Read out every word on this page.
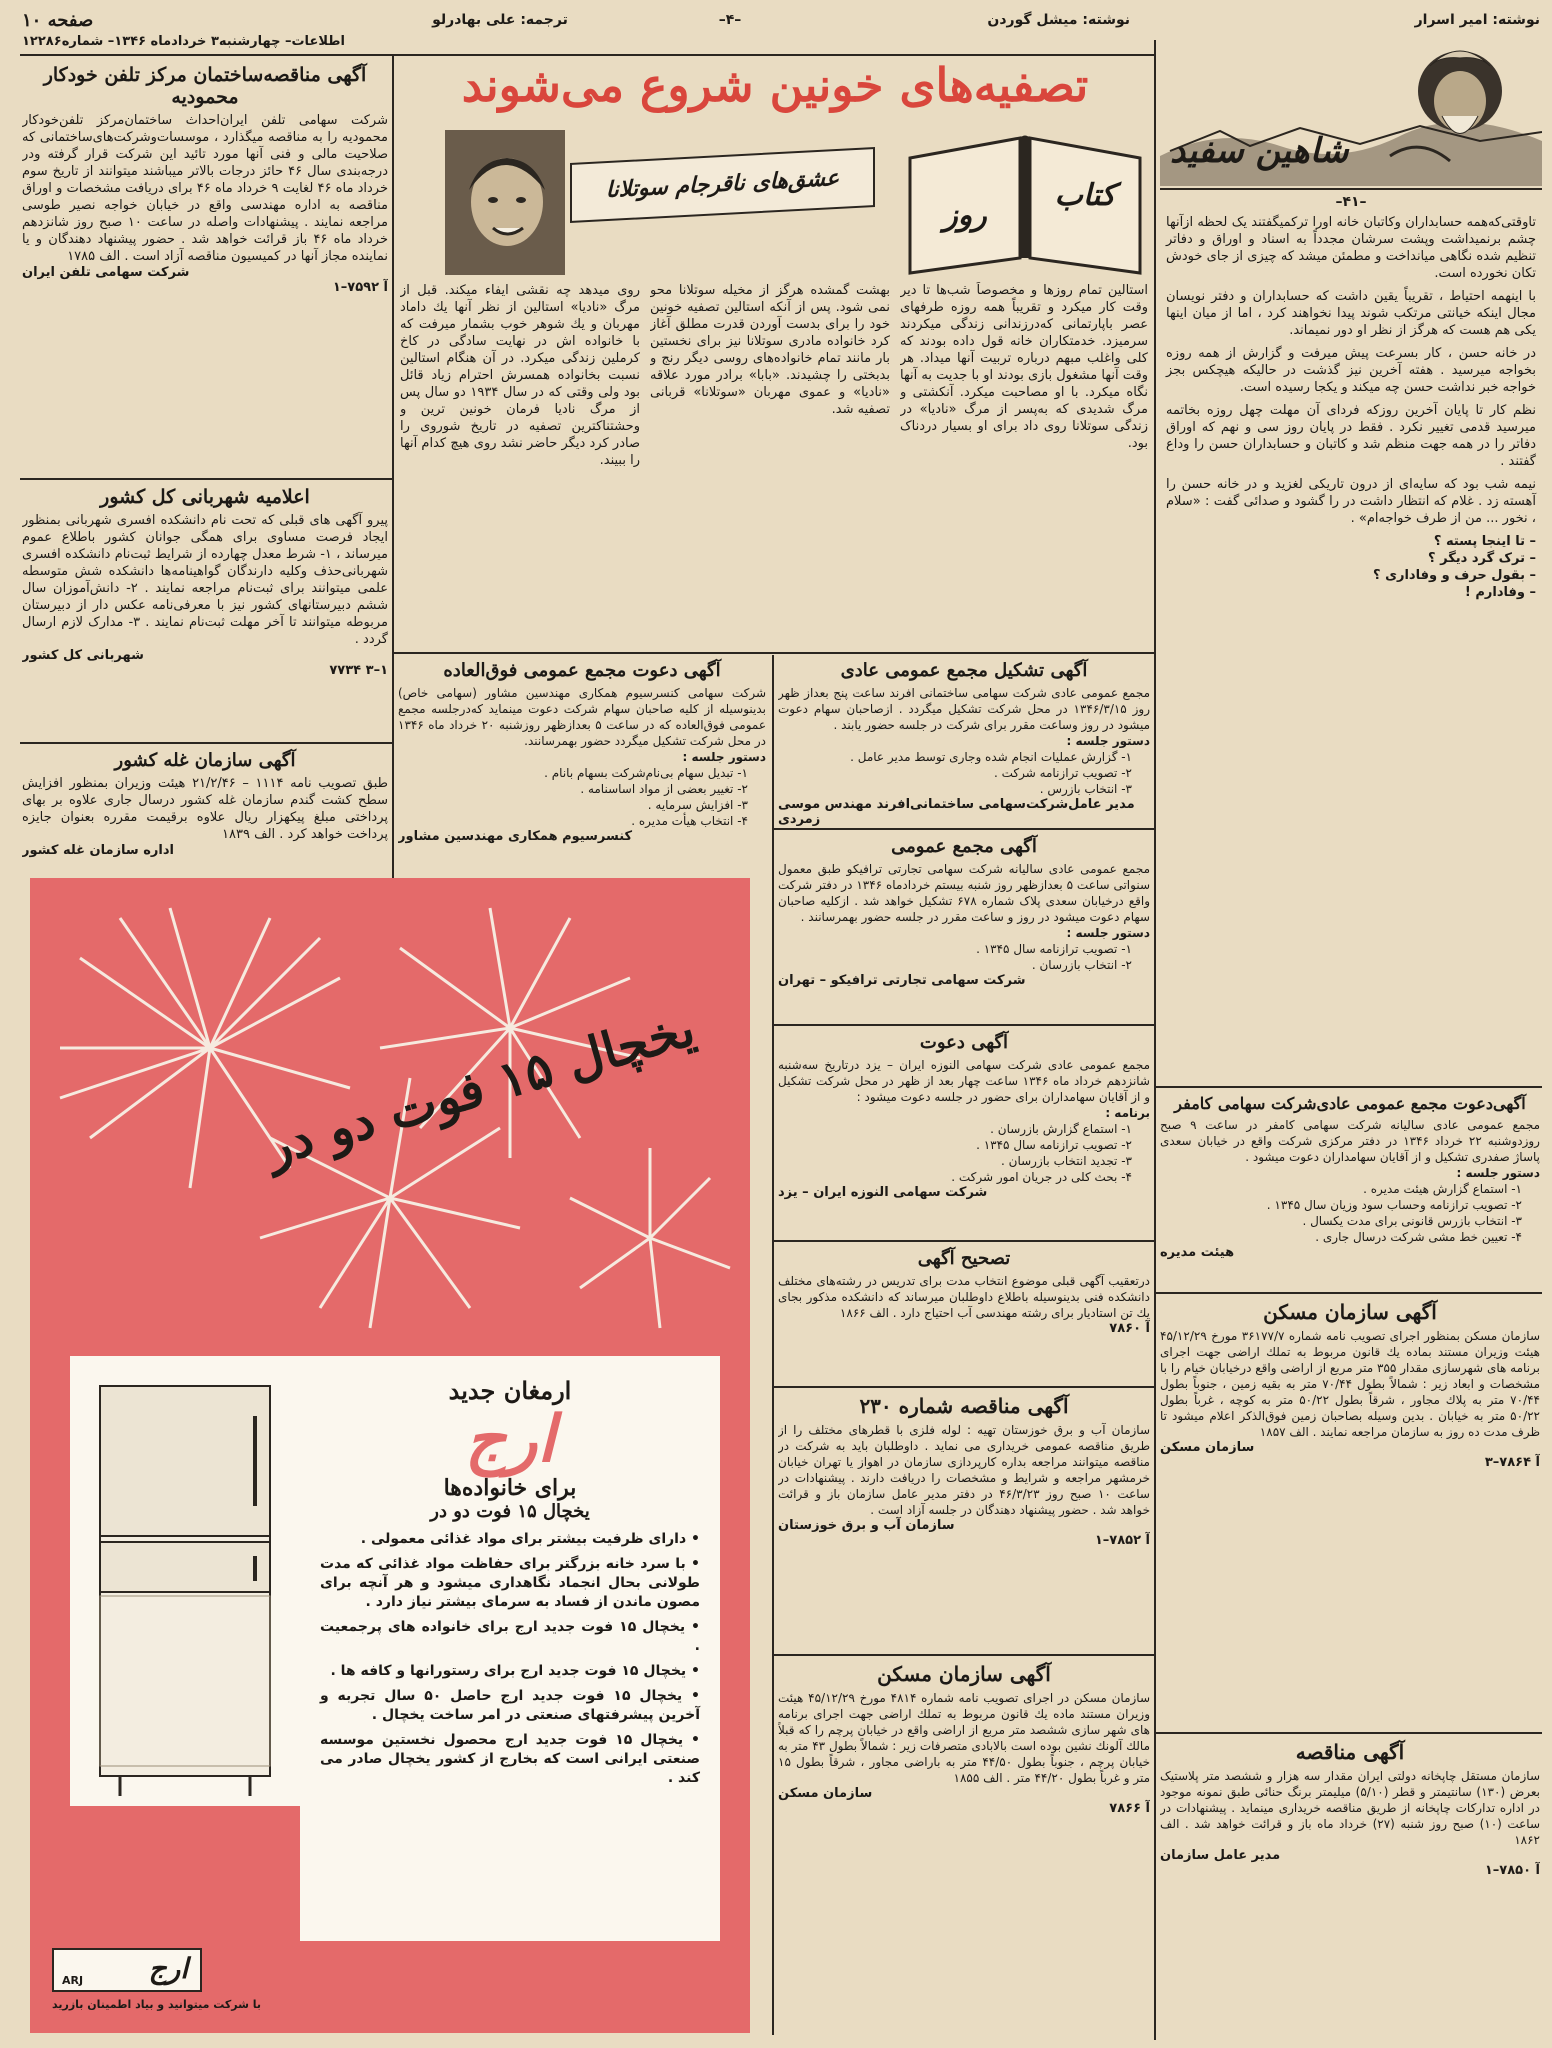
صفحه ۱۰
اطلاعات– چهارشنبه۳ خردادماه ۱۳۴۶– شماره۱۲۲۸۶
ترجمه: علی بهادرلو	–۴–	نوشته: میشل گوردن	نوشته: امیر اسرار
شاهین سفید
–۴۱–

تاوقتی‌که‌همه حسابداران وکاتبان خانه اورا ترکمیگفتند یک لحظه ازآنها چشم برنمیداشت وپشت سرشان مجدداً به اسناد و اوراق و دفاتر تنظیم شده نگاهی میانداخت و مطمئن میشد که چیزی از جای خودش تکان نخورده است.

با اینهمه احتیاط ، تقریباً یقین داشت که حسابداران و دفتر نویسان مجال اینکه خیانتی مرتکب شوند پیدا نخواهند کرد ، اما از میان اینها یکی هم هست که هرگز از نظر او دور نمیماند.

در خانه حسن ، کار بسرعت پیش میرفت و گزارش از همه روزه بخواجه میرسید . هفته آخرین نیز گذشت در حالیکه هیچکس بجز خواجه خبر نداشت حسن چه میکند و یکجا رسیده است.

نظم کار تا پایان آخرین روزکه فردای آن مهلت چهل روزه بخاتمه میرسید قدمی تغییر نکرد . فقط در پایان روز سی و نهم که اوراق دفاتر را در همه جهت منظم شد و کاتبان و حسابداران حسن را وداع گفتند .

نیمه شب بود که سایه‌ای از درون تاریکی لغزید و در خانه حسن را آهسته زد . غلام که انتظار داشت در را گشود و صدائی گفت : «سلام ، نخور ... من از طرف خواجه‌ام» .

– تا اینجا پسته ؟

– ترک گرد دیگر ؟

– بقول حرف و وفاداری ؟

– وفادارم !

تصفیه‌های خونین شروع می‌شوند
کتاب
روز
عشق‌های ناقرجام سوتلانا
استالین تمام روزها و مخصوصاً شب‌ها تا دیر وقت کار میکرد و تقریباً همه روزه طرفهای عصر باپارتمانی که‌درزندانی زندگی میکردند سرمیزد. خدمتکاران خانه قول داده بودند که کلی واغلب مبهم درباره تربیت آنها میداد. هر وقت آنها مشغول بازی بودند او با جدیت به آنها نگاه میکرد. با او مصاحبت میکرد. آنکشتی و مرگ شدیدی که به‌پسر از مرگ «نادیا» در زندگی سوتلانا روی داد برای او بسیار دردناک بود.
بهشت گمشده هرگز از مخیله سوتلانا محو نمی شود. پس از آنکه استالین تصفیه خونین خود را برای بدست آوردن قدرت مطلق آغاز کرد خانواده مادری سوتلانا نیز برای نخستین بار مانند تمام خانواده‌های روسی دیگر رنج و بدبختی را چشیدند. «بابا» برادر مورد علاقه «نادیا» و عموی مهربان «سوتلانا» قربانی تصفیه شد.
روی میدهد چه نقشی ایفاء میکند. قبل از مرگ «نادیا» استالین از نظر آنها یك داماد مهربان و یك شوهر خوب بشمار میرفت که با خانواده اش در نهایت سادگی در کاخ کرملین زندگی میکرد. در آن هنگام استالین نسبت بخانواده همسرش احترام زیاد قائل بود ولی وقتی که در سال ۱۹۳۴ دو سال پس از مرگ نادیا فرمان خونین ترین و وحشتناکترین تصفیه در تاریخ شوروی را صادر کرد دیگر حاضر نشد روی هیچ کدام آنها را ببیند.
آگهی مناقصه‌ساختمان مرکز تلفن خودکار محمودیه
شرکت سهامی تلفن ایران‌احداث ساختمان‌مرکز تلفن‌خودکار محمودیه را به مناقصه میگذارد ، موسسات‌وشرکت‌های‌ساختمانی که صلاحیت مالی و فنی آنها مورد تائید این شرکت قرار گرفته ودر درجه‌بندی سال ۴۶ حائز درجات بالاتر میباشند میتوانند از تاریخ سوم خرداد ماه ۴۶ لغایت ۹ خرداد ماه ۴۶ برای دریافت مشخصات و اوراق مناقصه به اداره مهندسی واقع در خیابان خواجه نصیر طوسی مراجعه نمایند . پیشنهادات واصله در ساعت ۱۰ صبح روز شانزدهم خرداد ماه ۴۶ باز قرائت خواهد شد . حضور پیشنهاد دهندگان و یا نماینده مجاز آنها در کمیسیون مناقصه آزاد است . الف ۱۷۸۵
شرکت سهامی تلفن ایران
آ ۷۵۹۲–۱
اعلامیه شهربانی کل کشور
پیرو آگهی های قبلی که تحت نام دانشکده افسری شهربانی بمنظور ایجاد فرصت مساوی برای همگی جوانان کشور باطلاع عموم میرساند ، ۱- شرط معدل چهارده از شرایط ثبت‌نام دانشکده افسری شهربانی‌حذف وکلیه دارندگان گواهینامه‌ها دانشکده شش متوسطه علمی میتوانند برای ثبت‌نام مراجعه نمایند . ۲- دانش‌آموزان سال ششم دبیرستانهای کشور نیز با معرفی‌نامه عکس دار از دبیرستان مربوطه میتوانند تا آخر مهلت ثبت‌نام نمایند . ۳- مدارک لازم ارسال گردد .
شهربانی کل کشور
۱–۳ ۷۷۳۴
آگهی سازمان غله کشور
طبق تصویب نامه ۱۱۱۴ – ۲۱/۲/۴۶ هیئت وزیران بمنظور افزایش سطح کشت گندم سازمان غله کشور درسال جاری علاوه بر بهای پرداختی مبلغ پیکهزار ریال علاوه برقیمت مقرره بعنوان جایزه پرداخت خواهد کرد . الف ۱۸۳۹
اداره سازمان غله کشور
آگهی دعوت مجمع عمومی فوق‌العاده
شرکت سهامی کنسرسیوم همکاری مهندسین مشاور (سهامی خاص) بدینوسیله از کلیه صاحبان سهام شرکت دعوت مینماید که‌درجلسه مجمع عمومی فوق‌العاده که در ساعت ۵ بعدازظهر روزشنبه ۲۰ خرداد ماه ۱۳۴۶ در محل شرکت تشکیل میگردد حضور بهمرسانند.
دستور جلسه :
۱- تبدیل سهام بی‌نام‌شرکت بسهام بانام .
۲- تغییر بعضی از مواد اساسنامه .
۳- افزایش سرمایه .
۴- انتخاب هیأت مدیره .
کنسرسیوم همکاری مهندسین مشاور
آگهی تشکیل مجمع عمومی عادی
مجمع عمومی عادی شرکت سهامی ساختمانی افرند ساعت پنج بعداز ظهر روز ۱۳۴۶/۳/۱۵ در محل شرکت تشکیل میگردد . ازصاحبان سهام دعوت میشود در روز وساعت مقرر برای شرکت در جلسه حضور یابند .
دستور جلسه :
۱- گزارش عملیات انجام شده وجاری توسط مدیر عامل .
۲- تصویب ترازنامه شرکت .
۳- انتخاب بازرس .
مدیر عامل‌شرکت‌سهامی ساختمانی‌افرند مهندس موسی زمردی
آگهی مجمع عمومی
مجمع عمومی عادی سالیانه شرکت سهامی تجارتی ترافیکو طبق معمول سنواتی ساعت ۵ بعدازظهر روز شنبه بیستم خردادماه ۱۳۴۶ در دفتر شرکت واقع درخیابان سعدی پلاک شماره ۶۷۸ تشکیل خواهد شد . ازکلیه صاحبان سهام دعوت میشود در روز و ساعت مقرر در جلسه حضور بهمرسانند .
دستور جلسه :
۱- تصویب ترازنامه سال ۱۳۴۵ .
۲- انتخاب بازرسان .
شرکت سهامی تجارتی ترافیکو – تهران
آگهی دعوت
مجمع عمومی عادی شرکت سهامی النوزه ایران – یزد درتاریخ سه‌شنبه شانزدهم خرداد ماه ۱۳۴۶ ساعت چهار بعد از ظهر در محل شرکت تشکیل و از آقایان سهامداران برای حضور در جلسه دعوت میشود :
برنامه :
۱- استماع گزارش بازرسان .
۲- تصویب ترازنامه سال ۱۳۴۵ .
۳- تجدید انتخاب بازرسان .
۴- بحث کلی در جریان امور شرکت .
شرکت سهامی النوزه ایران – یزد
تصحیح آگهی
درتعقیب آگهی قبلی موضوع انتخاب مدت برای تدریس در رشته‌های مختلف دانشکده فنی بدینوسیله باطلاع داوطلبان میرساند که دانشکده مذکور بجای یك تن استادیار برای رشته مهندسی آب احتیاج دارد . الف ۱۸۶۶
آ ۷۸۶۰
آگهی مناقصه شماره ۲۳۰
سازمان آب و برق خوزستان تهیه : لوله فلزی با قطرهای مختلف را از طریق مناقصه عمومی خریداری می نماید . داوطلبان باید به شرکت در مناقصه میتوانند مراجعه بداره کارپردازی سازمان در اهواز یا تهران خیابان خرمشهر مراجعه و شرایط و مشخصات را دریافت دارند . پیشنهادات در ساعت ۱۰ صبح روز ۴۶/۳/۲۳ در دفتر مدیر عامل سازمان باز و قرائت خواهد شد . حضور پیشنهاد دهندگان در جلسه آزاد است .
سازمان آب و برق خوزستان
آ ۷۸۵۲–۱
آگهی سازمان مسکن
سازمان مسکن در اجرای تصویب نامه شماره ۴۸۱۴ مورخ ۴۵/۱۲/۲۹ هیئت وزیران مستند ماده یك قانون مربوط به تملك اراضی جهت اجرای برنامه های شهر سازی ششصد متر مربع از اراضی واقع در خیابان پرچم را که قبلاً مالك آلونك نشین بوده است بالابادی متصرفات زیر : شمالاً بطول ۴۳ متر به خیابان پرچم ، جنوباً بطول ۴۴/۵۰ متر به باراضی مجاور ، شرقاً بطول ۱۵ متر و غرباً بطول ۴۴/۲۰ متر . الف ۱۸۵۵
سازمان مسکن
آ ۷۸۶۶
آگهی‌دعوت مجمع عمومی عادی‌شرکت سهامی کامفر
مجمع عمومی عادی سالیانه شرکت سهامی کامفر در ساعت ۹ صبح روزدوشنبه ۲۲ خرداد ۱۳۴۶ در دفتر مرکزی شرکت واقع در خیابان سعدی پاساژ صفدری تشکیل و از آقایان سهامداران دعوت میشود .
دستور جلسه :
۱- استماع گزارش هیئت مدیره .
۲- تصویب ترازنامه وحساب سود وزیان سال ۱۳۴۵ .
۳- انتخاب بازرس قانونی برای مدت یکسال .
۴- تعیین خط مشی شرکت درسال جاری .
هیئت مدیره
آگهی سازمان مسکن
سازمان مسکن بمنظور اجرای تصویب نامه شماره ۳۶۱۷۷/۷ مورخ ۴۵/۱۲/۲۹ هیئت وزیران مستند بماده یك قانون مربوط به تملك اراضی جهت اجرای برنامه های شهرسازی مقدار ۳۵۵ متر مربع از اراضی واقع درخیابان خیام را با مشخصات و ابعاد زیر : شمالاً بطول ۷۰/۴۴ متر به بقیه زمین ، جنوباً بطول ۷۰/۴۴ متر به پلاك مجاور ، شرقاً بطول ۵۰/۲۲ متر به کوچه ، غرباً بطول ۵۰/۲۲ متر به خیابان . بدین وسیله بصاحبان زمین فوق‌الذکر اعلام میشود تا ظرف مدت ده روز به سازمان مراجعه نمایند . الف ۱۸۵۷
سازمان مسکن
آ ۷۸۶۴–۳
آگهی مناقصه
سازمان مستقل چاپخانه دولتی ایران مقدار سه هزار و ششصد متر پلاستیک بعرض (۱۳۰) سانتیمتر و قطر (۵/۱۰) میلیمتر برنگ حنائی طبق نمونه موجود در اداره تدارکات چاپخانه از طریق مناقصه خریداری مینماید . پیشنهادات در ساعت (۱۰) صبح روز شنبه (۲۷) خرداد ماه باز و قرائت خواهد شد . الف ۱۸۶۲
مدیر عامل سازمان
آ ۷۸۵۰–۱
یخچال ۱۵ فوت دو در
ارمغان جدید
ارج
برای خانواده‌ها
یخچال ۱۵ فوت دو در

• دارای ظرفیت بیشتر برای مواد غذائی معمولی .

• با سرد خانه بزرگتر برای حفاظت مواد غذائی که مدت طولانی بحال انجماد نگاهداری میشود و هر آنچه برای مصون ماندن از فساد به سرمای بیشتر نیاز دارد .

• یخچال ۱۵ فوت جدید ارج برای خانواده های پرجمعیت .

• یخچال ۱۵ فوت جدید ارج برای رستورانها و کافه ها .

• یخچال ۱۵ فوت جدید ارج حاصل ۵۰ سال تجربه و آخرین پیشرفتهای صنعتی در امر ساخت یخچال .

• یخچال ۱۵ فوت جدید ارج محصول نخستین موسسه صنعتی ایرانی است که بخارج از کشور یخچال صادر می کند .

ارج
ARJ
با شرکت میتوانید و بیاد اطمینان بازرید
